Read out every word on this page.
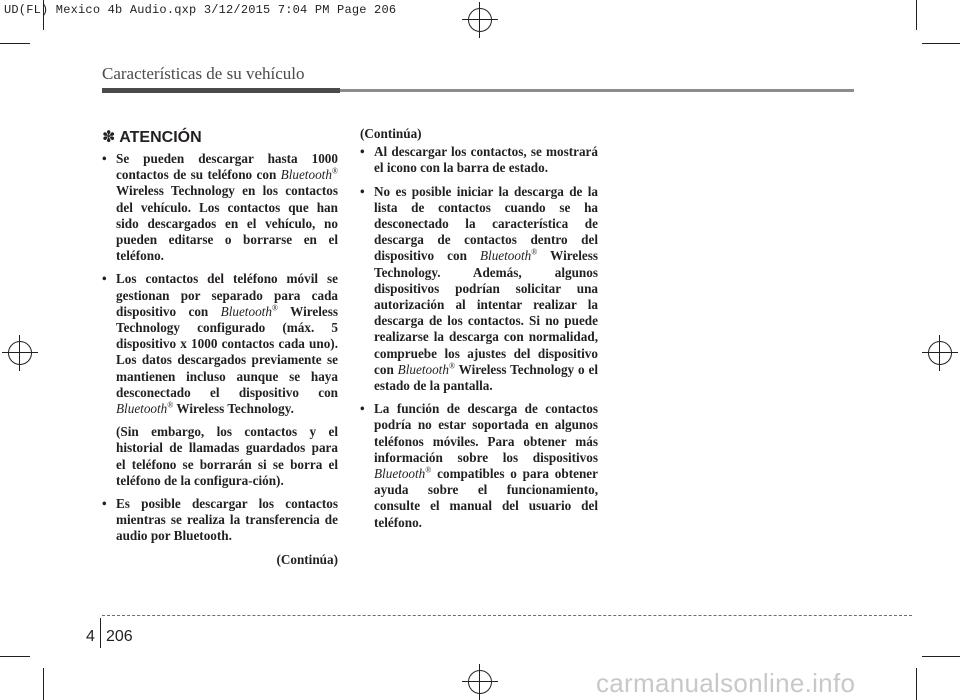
UD(FL) Mexico 4b Audio.qxp 3/12/2015 7:04 PM Page 206
Características de su vehículo
✽ ATENCIÓN

• Se pueden descargar hasta 1000 contactos de su teléfono con Bluetooth® Wireless Technology en los contactos del vehículo. Los contactos que han sido descargados en el vehículo, no pueden editarse o borrarse en el teléfono.

• Los contactos del teléfono móvil se gestionan por separado para cada dispositivo con Bluetooth® Wireless Technology configurado (máx. 5 dispositivo x 1000 contactos cada uno). Los datos descargados previamente se mantienen incluso aunque se haya desconectado el dispositivo con Bluetooth® Wireless Technology.

(Sin embargo, los contactos y el historial de llamadas guardados para el teléfono se borrarán si se borra el teléfono de la configura-ción).

• Es posible descargar los contactos mientras se realiza la transferencia de audio por Bluetooth.

(Continúa)
(Continúa)

• Al descargar los contactos, se mostrará el icono con la barra de estado.

• No es posible iniciar la descarga de la lista de contactos cuando se ha desconectado la característica de descarga de contactos dentro del dispositivo con Bluetooth® Wireless Technology. Además, algunos dispositivos podrían solicitar una autorización al intentar realizar la descarga de los contactos. Si no puede realizarse la descarga con normalidad, compruebe los ajustes del dispositivo con Bluetooth® Wireless Technology o el estado de la pantalla.

• La función de descarga de contactos podría no estar soportada en algunos teléfonos móviles. Para obtener más información sobre los dispositivos Bluetooth® compatibles o para obtener ayuda sobre el funcionamiento, consulte el manual del usuario del teléfono.

4 206
carmanualsonline.info
